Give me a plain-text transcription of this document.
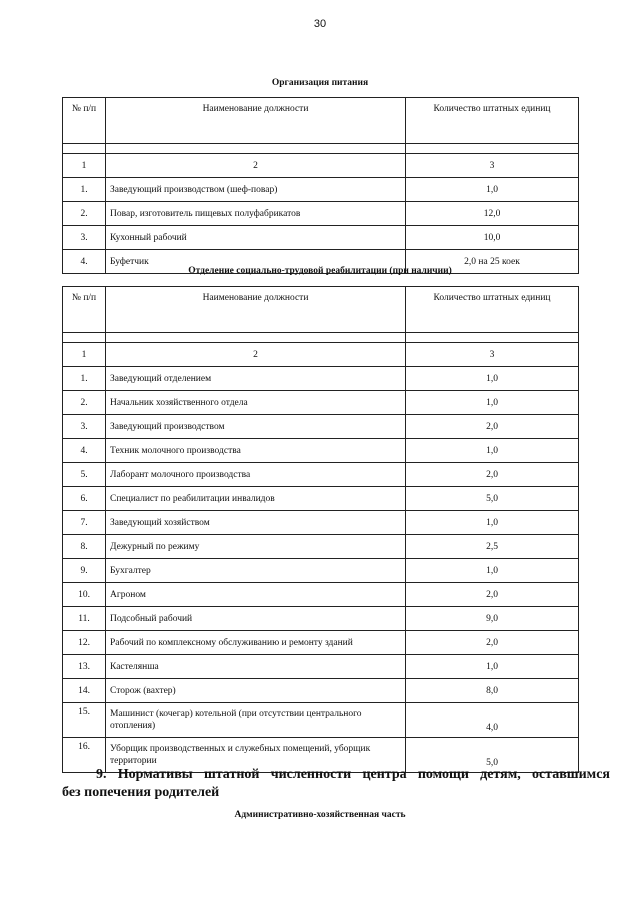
30
Организация питания
№ п/п	Наименование должности	Количество штатных единиц

1	2	3
1.	Заведующий производством (шеф-повар)	1,0
2.	Повар, изготовитель пищевых полуфабрикатов	12,0
3.	Кухонный рабочий	10,0
4.	Буфетчик	2,0 на 25 коек
Отделение социально-трудовой реабилитации (при наличии)
№ п/п	Наименование должности	Количество штатных единиц

1	2	3
1.	Заведующий отделением	1,0
2.	Начальник хозяйственного отдела	1,0
3.	Заведующий производством	2,0
4.	Техник молочного производства	1,0
5.	Лаборант молочного производства	2,0
6.	Специалист по реабилитации инвалидов	5,0
7.	Заведующий хозяйством	1,0
8.	Дежурный по режиму	2,5
9.	Бухгалтер	1,0
10.	Агроном	2,0
11.	Подсобный рабочий	9,0
12.	Рабочий по комплексному обслуживанию и ремонту зданий	2,0
13.	Кастелянша	1,0
14.	Сторож (вахтер)	8,0
15.	Машинист (кочегар) котельной (при отсутствии центрального отопления)	4,0
16.	Уборщик производственных и служебных помещений, уборщик территории	5,0
9. Нормативы штатной численности центра помощи детям, оставшимся
без попечения родителей
Административно-хозяйственная часть
